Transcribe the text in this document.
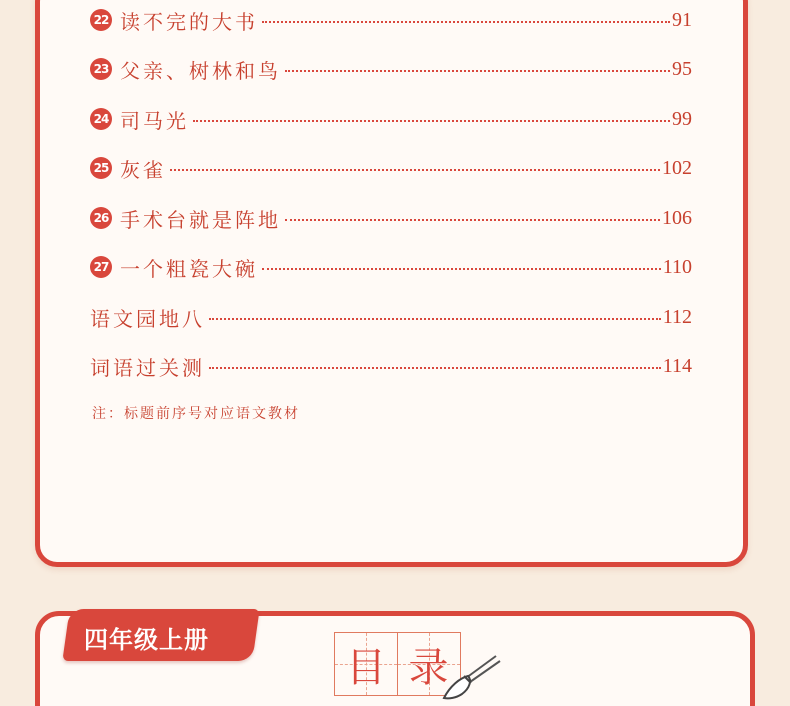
22 读不完的大书	91
23 父亲、树林和鸟	95
24 司马光	99
25 灰雀	102
26 手术台就是阵地	106
27 一个粗瓷大碗	110
语文园地八	112
词语过关测	114
注：标题前序号对应语文教材
四年级上册
目 录
